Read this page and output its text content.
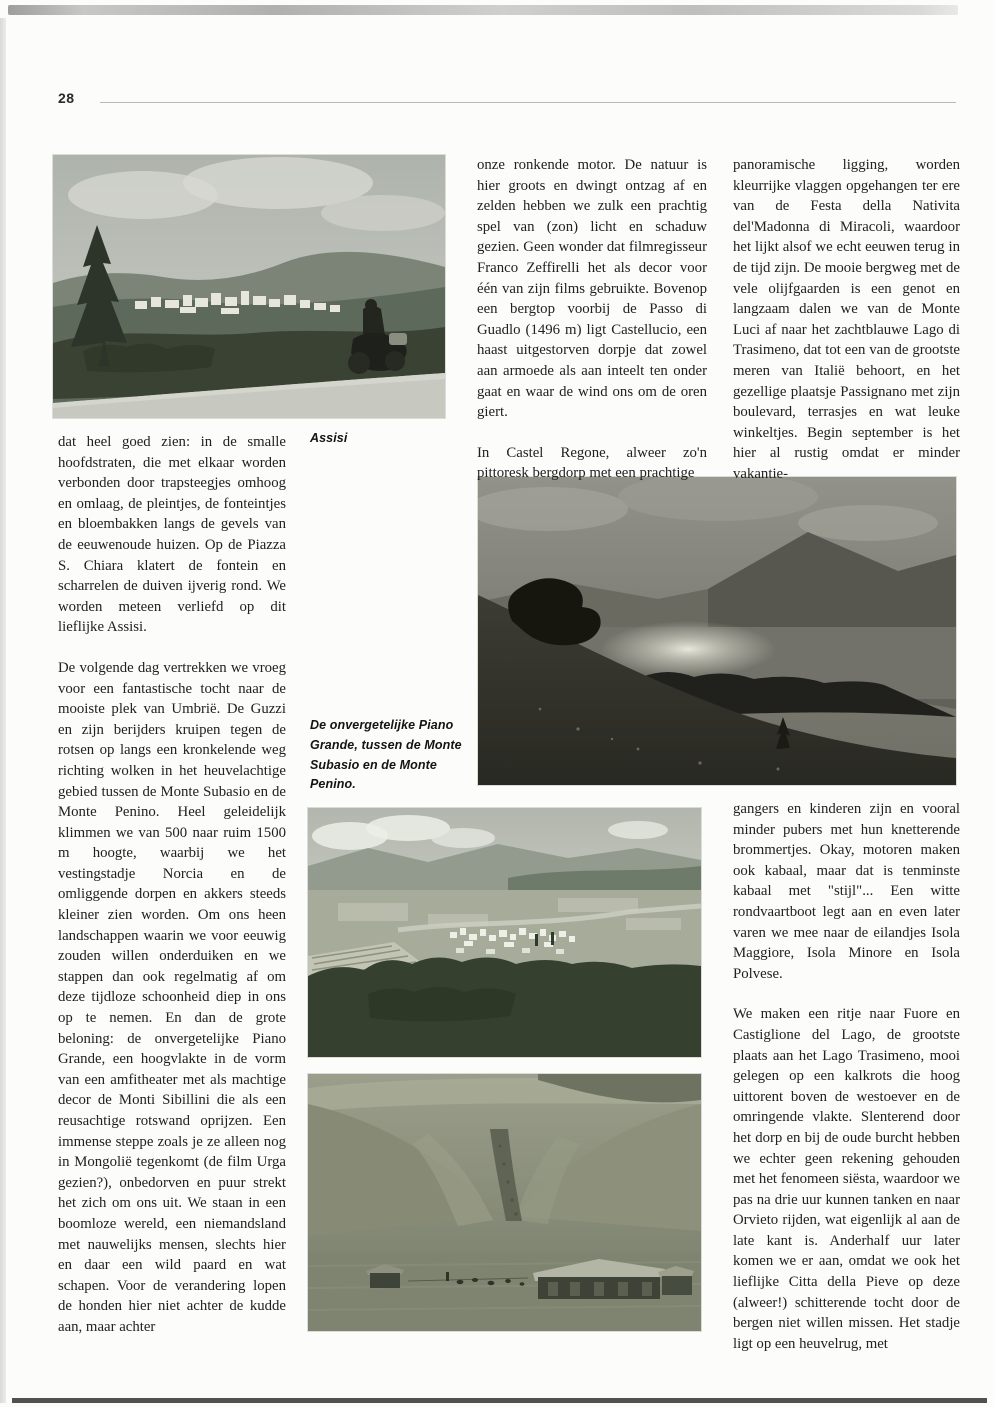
28
Assisi
De onvergetelijke Piano Grande, tussen de Monte Subasio en de Monte Penino.

dat heel goed zien: in de smalle hoofdstraten, die met elkaar worden verbonden door trapsteegjes omhoog en omlaag, de pleintjes, de fonteintjes en bloembakken langs de gevels van de eeuwenoude huizen. Op de Piazza S. Chiara klatert de fontein en scharrelen de duiven ijverig rond. We worden meteen verliefd op dit lieflijke Assisi.

De volgende dag vertrekken we vroeg voor een fantastische tocht naar de mooiste plek van Umbrië. De Guzzi en zijn berijders kruipen tegen de rotsen op langs een kronkelende weg richting wolken in het heuvelachtige gebied tussen de Monte Subasio en de Monte Penino. Heel geleidelijk klimmen we van 500 naar ruim 1500 m hoogte, waarbij we het vestingstadje Norcia en de omliggende dorpen en akkers steeds kleiner zien worden. Om ons heen landschappen waarin we voor eeuwig zouden willen onderduiken en we stappen dan ook regelmatig af om deze tijdloze schoonheid diep in ons op te nemen. En dan de grote beloning: de onvergetelijke Piano Grande, een hoogvlakte in de vorm van een amfitheater met als machtige decor de Monti Sibillini die als een reusachtige rotswand oprijzen. Een immense steppe zoals je ze alleen nog in Mongolië tegenkomt (de film Urga gezien?), onbedorven en puur strekt het zich om ons uit. We staan in een boomloze wereld, een niemandsland met nauwelijks mensen, slechts hier en daar een wild paard en wat schapen. Voor de verandering lopen de honden hier niet achter de kudde aan, maar achter

onze ronkende motor. De natuur is hier groots en dwingt ontzag af en zelden hebben we zulk een prachtig spel van (zon) licht en schaduw gezien. Geen wonder dat filmregisseur Franco Zeffirelli het als decor voor één van zijn films gebruikte. Bovenop een bergtop voorbij de Passo di Guadlo (1496 m) ligt Castellucio, een haast uitgestorven dorpje dat zowel aan armoede als aan inteelt ten onder gaat en waar de wind ons om de oren giert.

In Castel Regone, alweer zo'n pittoresk bergdorp met een prachtige

panoramische ligging, worden kleurrijke vlaggen opgehangen ter ere van de Festa della Nativita del'Madonna di Miracoli, waardoor het lijkt alsof we echt eeuwen terug in de tijd zijn. De mooie bergweg met de vele olijfgaarden is een genot en langzaam dalen we van de Monte Luci af naar het zachtblauwe Lago di Trasimeno, dat tot een van de grootste meren van Italië behoort, en het gezellige plaatsje Passignano met zijn boulevard, terrasjes en wat leuke winkeltjes. Begin september is het hier al rustig omdat er minder vakantie-

gangers en kinderen zijn en vooral minder pubers met hun knetterende brommertjes. Okay, motoren maken ook kabaal, maar dat is tenminste kabaal met "stijl"... Een witte rondvaartboot legt aan en even later varen we mee naar de eilandjes Isola Maggiore, Isola Minore en Isola Polvese.

We maken een ritje naar Fuore en Castiglione del Lago, de grootste plaats aan het Lago Trasimeno, mooi gelegen op een kalkrots die hoog uittorent boven de westoever en de omringende vlakte. Slenterend door het dorp en bij de oude burcht hebben we echter geen rekening gehouden met het fenomeen siësta, waardoor we pas na drie uur kunnen tanken en naar Orvieto rijden, wat eigenlijk al aan de late kant is. Anderhalf uur later komen we er aan, omdat we ook het lieflijke Citta della Pieve op deze (alweer!) schitterende tocht door de bergen niet willen missen. Het stadje ligt op een heuvelrug, met
